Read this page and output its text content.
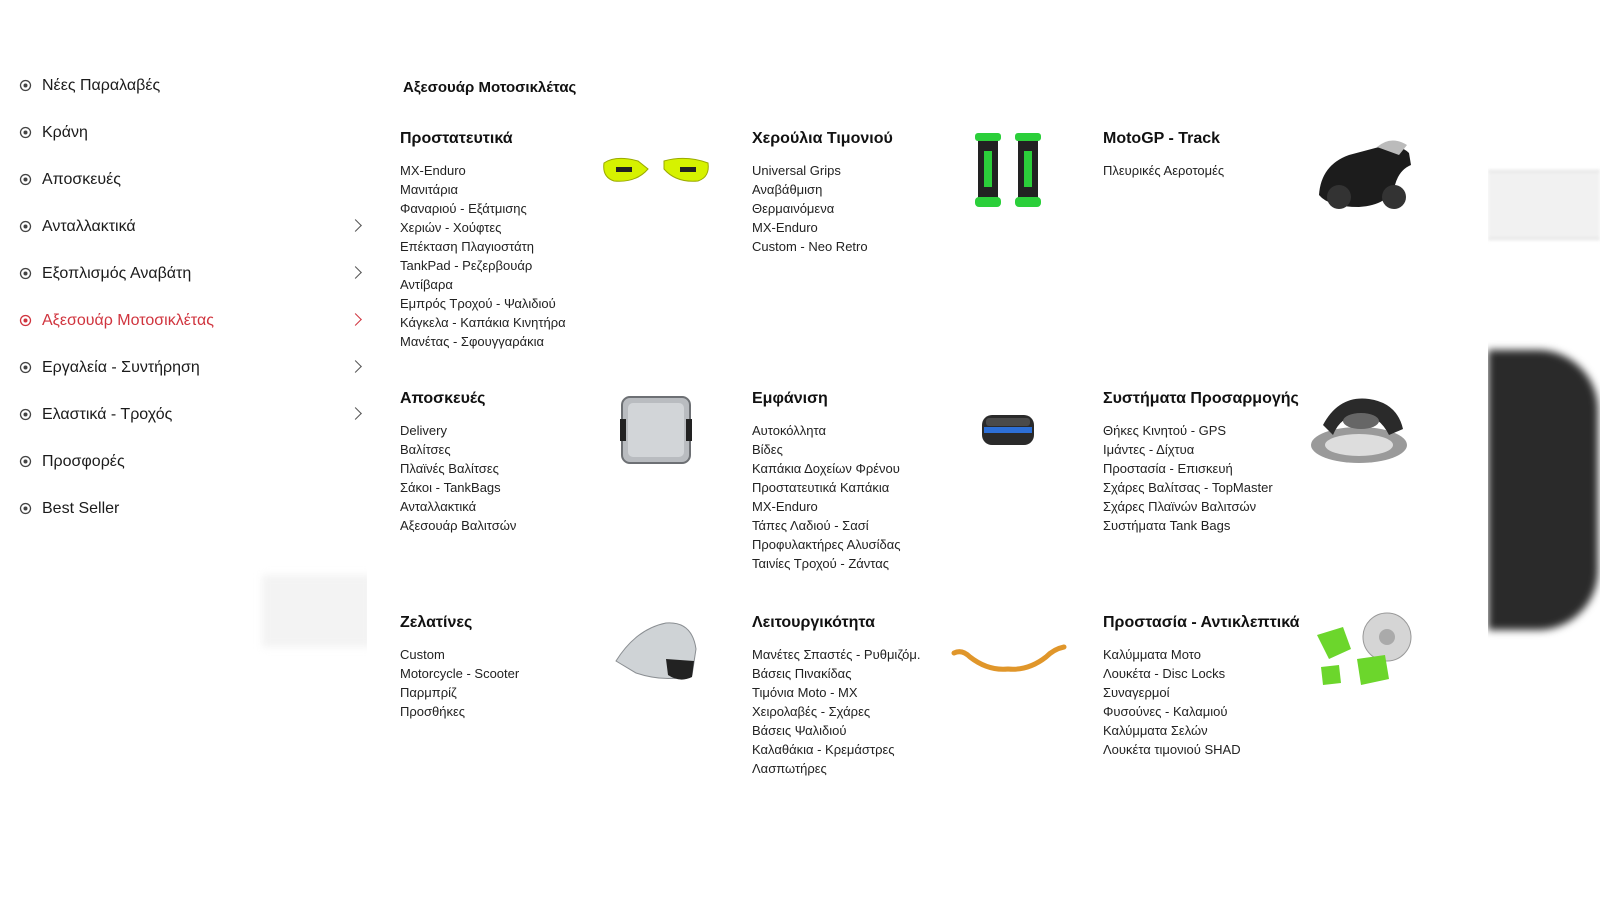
Νέες Παραλαβές
Κράνη
Αποσκευές
Ανταλλακτικά
Εξοπλισμός Αναβάτη
Αξεσουάρ Μοτοσικλέτας
Εργαλεία - Συντήρηση
Ελαστικά - Τροχός
Προσφορές
Best Seller
Αξεσουάρ Μοτοσικλέτας
Προστατευτικά
MX-Enduro
Μανιτάρια
Φαναριού - Εξάτμισης
Χεριών - Χούφτες
Επέκταση Πλαγιοστάτη
TankPad - Ρεζερβουάρ
Αντίβαρα
Εμπρός Τροχού - Ψαλιδιού
Κάγκελα - Καπάκια Κινητήρα
Μανέτας - Σφουγγαράκια
Χερούλια Τιμονιού
Universal Grips
Αναβάθμιση
Θερμαινόμενα
MX-Enduro
Custom - Neo Retro
MotoGP - Track
Πλευρικές Αεροτομές
Αποσκευές
Delivery
Βαλίτσες
Πλαϊνές Βαλίτσες
Σάκοι - TankBags
Ανταλλακτικά
Αξεσουάρ Βαλιτσών
Εμφάνιση
Αυτοκόλλητα
Βίδες
Καπάκια Δοχείων Φρένου
Προστατευτικά Καπάκια
MX-Enduro
Τάπες Λαδιού - Σασί
Προφυλακτήρες Αλυσίδας
Ταινίες Τροχού - Ζάντας
Συστήματα Προσαρμογής
Θήκες Κινητού - GPS
Ιμάντες - Δίχτυα
Προστασία - Επισκευή
Σχάρες Βαλίτσας - TopMaster
Σχάρες Πλαϊνών Βαλιτσών
Συστήματα Tank Bags
Ζελατίνες
Custom
Motorcycle - Scooter
Παρμπρίζ
Προσθήκες
Λειτουργικότητα
Μανέτες Σπαστές - Ρυθμιζόμ.
Βάσεις Πινακίδας
Τιμόνια Moto - MX
Χειρολαβές - Σχάρες
Βάσεις Ψαλιδιού
Καλαθάκια - Κρεμάστρες
Λασπωτήρες
Προστασία - Αντικλεπτικά
Καλύμματα Μοτο
Λουκέτα - Disc Locks
Συναγερμοί
Φυσούνες - Καλαμιού
Καλύμματα Σελών
Λουκέτα τιμονιού SHAD
